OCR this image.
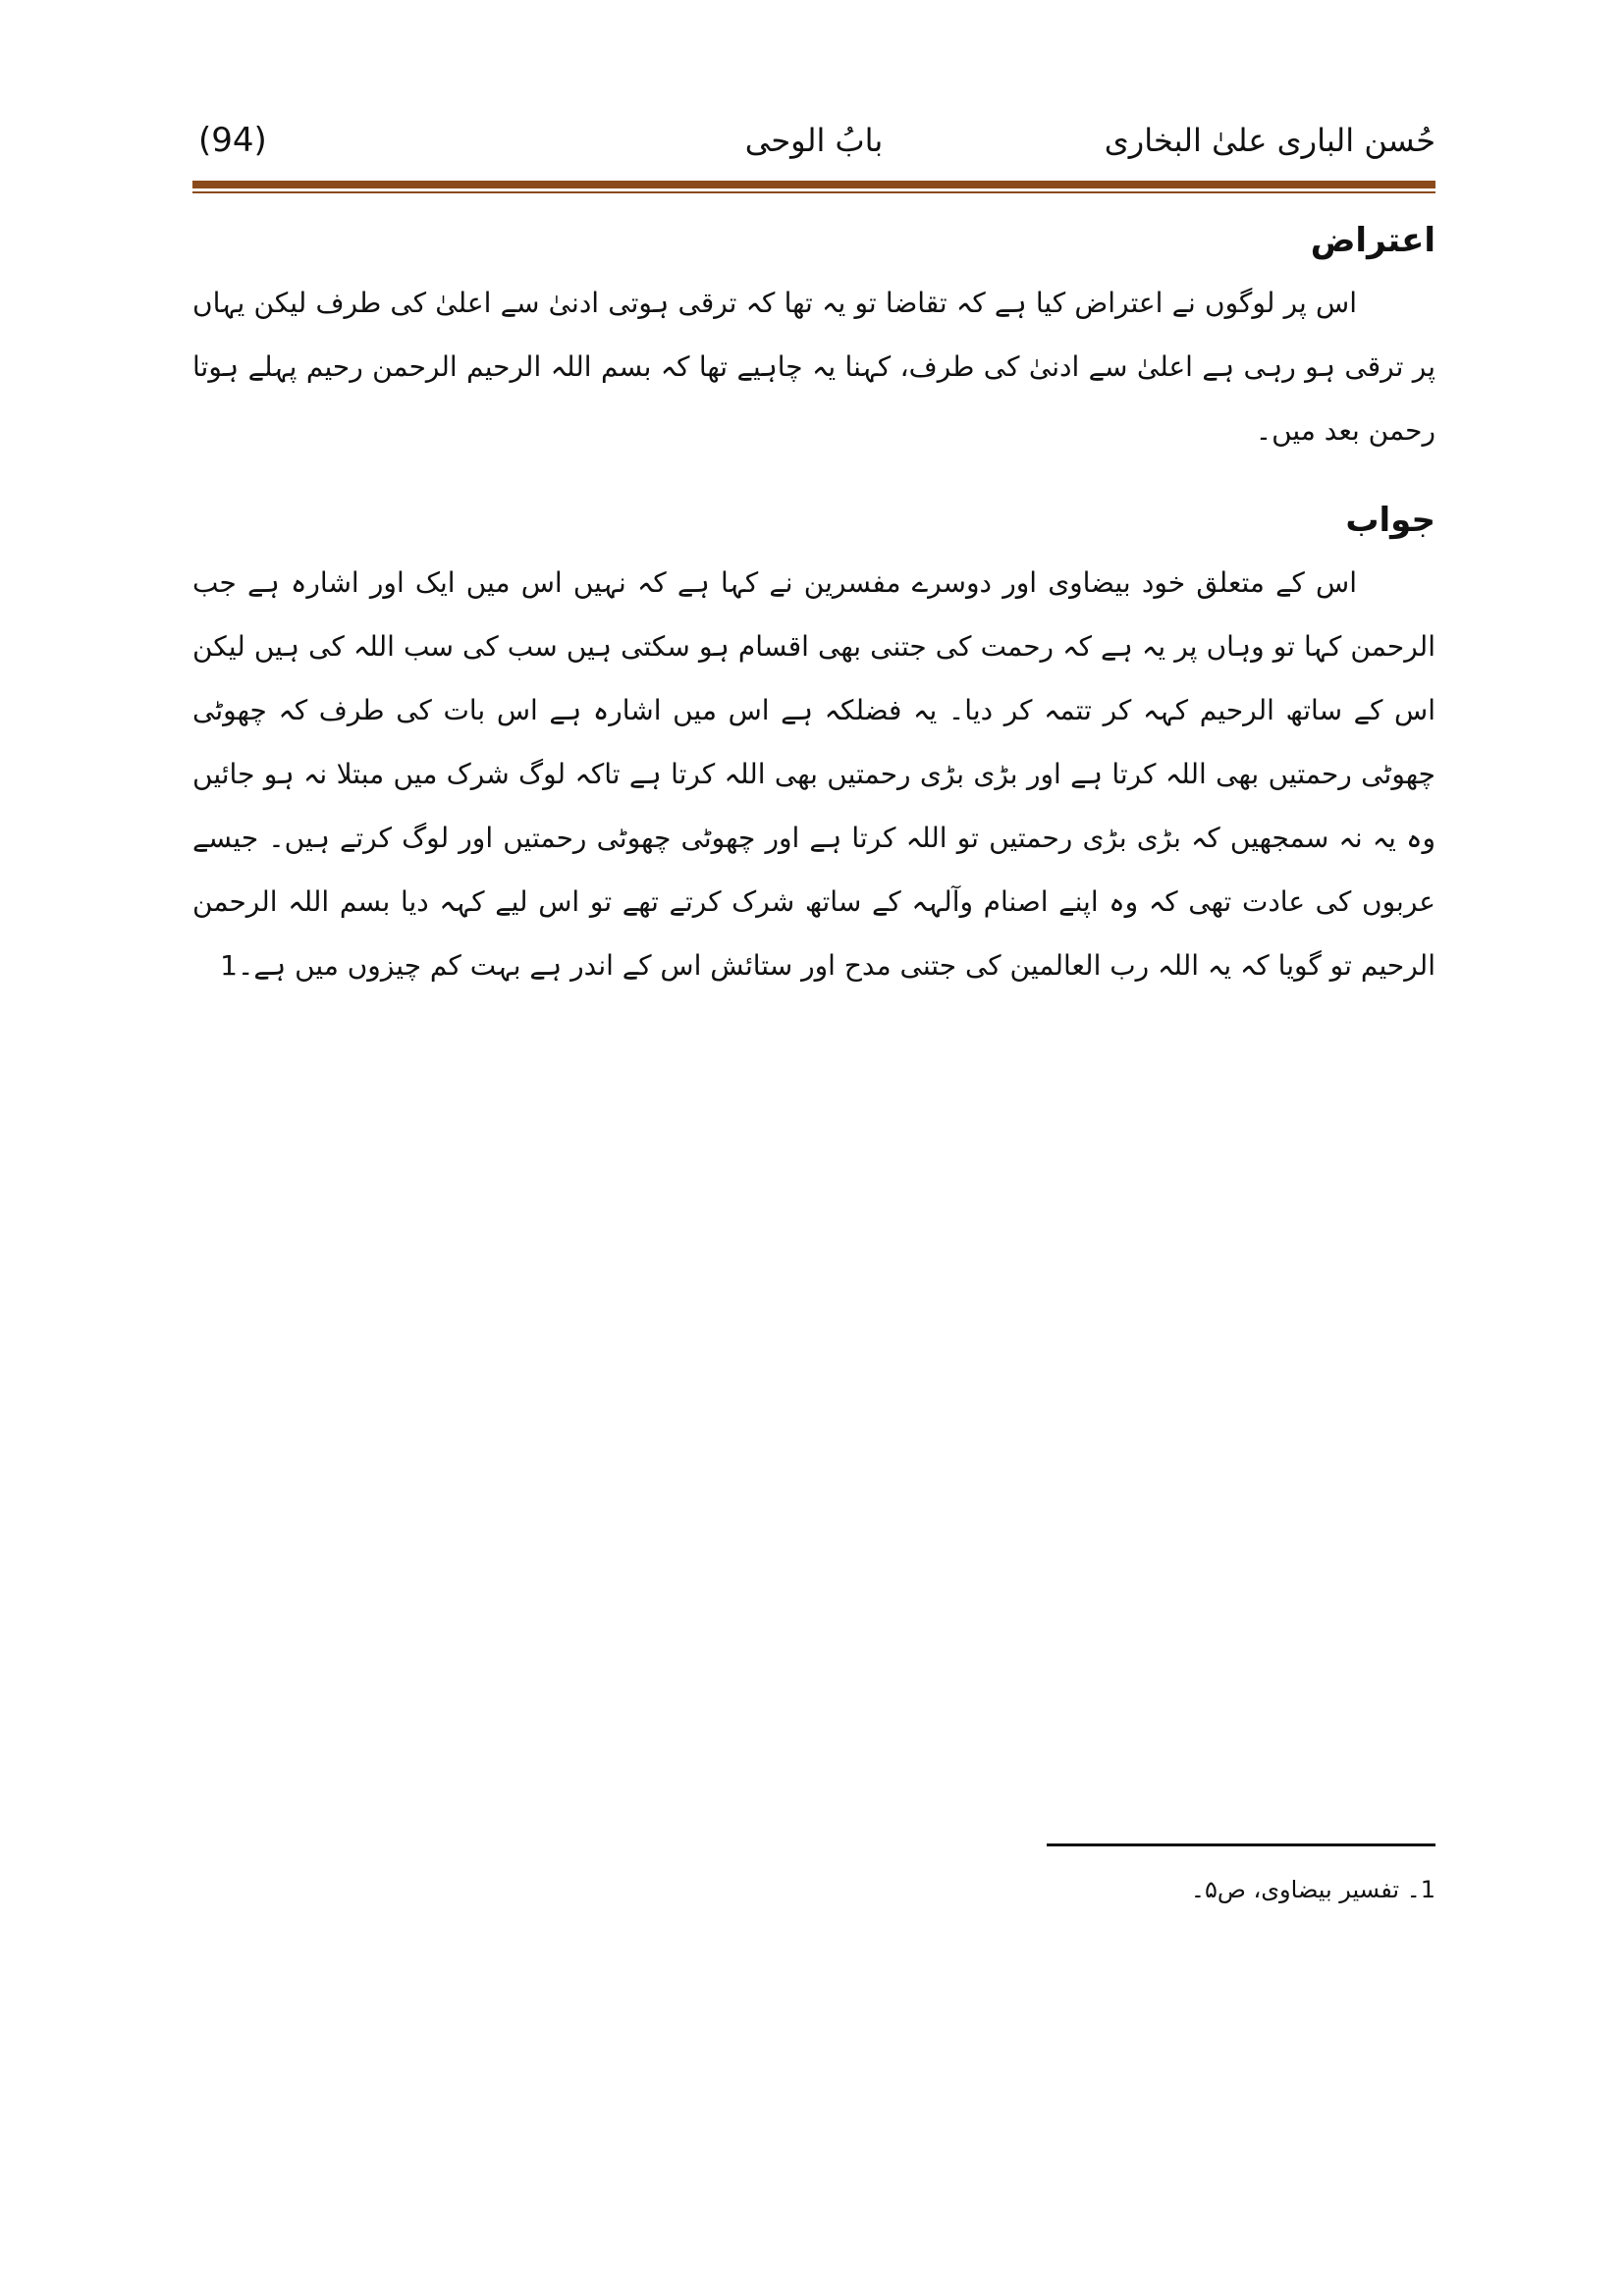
(94)	بابُ الوحی	حُسن الباری علیٰ البخاری
اعتراض

اس پر لوگوں نے اعتراض کیا ہے کہ تقاضا تو یہ تھا کہ ترقی ہوتی ادنیٰ سے اعلیٰ کی طرف لیکن یہاں پر ترقی ہو رہی ہے اعلیٰ سے ادنیٰ کی طرف، کہنا یہ چاہیے تھا کہ بسم اللہ الرحیم الرحمن رحیم پہلے ہوتا رحمن بعد میں۔

جواب

اس کے متعلق خود بیضاوی اور دوسرے مفسرین نے کہا ہے کہ نہیں اس میں ایک اور اشارہ ہے جب الرحمن کہا تو وہاں پر یہ ہے کہ رحمت کی جتنی بھی اقسام ہو سکتی ہیں سب کی سب اللہ کی ہیں لیکن اس کے ساتھ الرحیم کہہ کر تتمہ کر دیا۔ یہ فضلکہ ہے اس میں اشارہ ہے اس بات کی طرف کہ چھوٹی چھوٹی رحمتیں بھی اللہ کرتا ہے اور بڑی بڑی رحمتیں بھی اللہ کرتا ہے تاکہ لوگ شرک میں مبتلا نہ ہو جائیں وہ یہ نہ سمجھیں کہ بڑی بڑی رحمتیں تو اللہ کرتا ہے اور چھوٹی چھوٹی رحمتیں اور لوگ کرتے ہیں۔ جیسے عربوں کی عادت تھی کہ وہ اپنے اصنام وآلہہ کے ساتھ شرک کرتے تھے تو اس لیے کہہ دیا بسم اللہ الرحمن الرحیم تو گویا کہ یہ اللہ رب العالمین کی جتنی مدح اور ستائش اس کے اندر ہے بہت کم چیزوں میں ہے۔1

1۔ تفسیر بیضاوی، ص۵۔
